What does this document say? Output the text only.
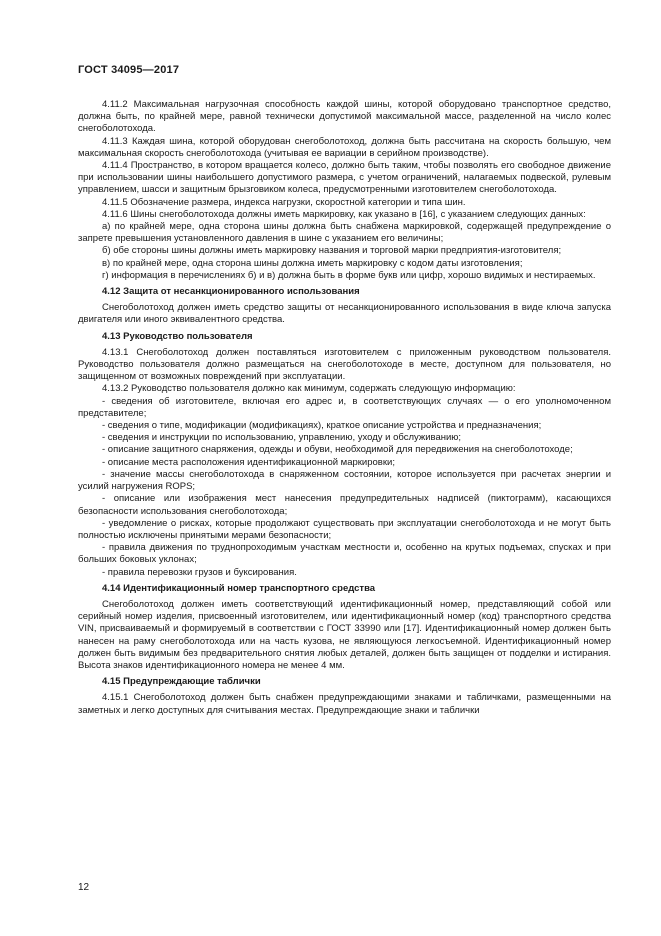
ГОСТ 34095—2017

4.11.2 Максимальная нагрузочная способность каждой шины, которой оборудовано транспортное средство, должна быть, по крайней мере, равной технически допустимой максимальной массе, разделенной на число колес снегоболотохода.

4.11.3 Каждая шина, которой оборудован снегоболотоход, должна быть рассчитана на скорость большую, чем максимальная скорость снегоболотохода (учитывая ее вариации в серийном производстве).

4.11.4 Пространство, в котором вращается колесо, должно быть таким, чтобы позволять его свободное движение при использовании шины наибольшего допустимого размера, с учетом ограничений, налагаемых подвеской, рулевым управлением, шасси и защитным брызговиком колеса, предусмотренными изготовителем снегоболотохода.

4.11.5 Обозначение размера, индекса нагрузки, скоростной категории и типа шин.

4.11.6 Шины снегоболотохода должны иметь маркировку, как указано в [16], с указанием следующих данных:

а) по крайней мере, одна сторона шины должна быть снабжена маркировкой, содержащей предупреждение о запрете превышения установленного давления в шине с указанием его величины;

б) обе стороны шины должны иметь маркировку названия и торговой марки предприятия-изготовителя;

в) по крайней мере, одна сторона шины должна иметь маркировку с кодом даты изготовления;

г) информация в перечислениях б) и в) должна быть в форме букв или цифр, хорошо видимых и нестираемых.

4.12 Защита от несанкционированного использования

Снегоболотоход должен иметь средство защиты от несанкционированного использования в виде ключа запуска двигателя или иного эквивалентного средства.

4.13 Руководство пользователя

4.13.1 Снегоболотоход должен поставляться изготовителем с приложенным руководством пользователя. Руководство пользователя должно размещаться на снегоболотоходе в месте, доступном для пользователя, но защищенном от возможных повреждений при эксплуатации.

4.13.2 Руководство пользователя должно как минимум, содержать следующую информацию:

- сведения об изготовителе, включая его адрес и, в соответствующих случаях — о его уполномоченном представителе;

- сведения о типе, модификации (модификациях), краткое описание устройства и предназначения;

- сведения и инструкции по использованию, управлению, уходу и обслуживанию;

- описание защитного снаряжения, одежды и обуви, необходимой для передвижения на снегоболотоходе;

- описание места расположения идентификационной маркировки;

- значение массы снегоболотохода в снаряженном состоянии, которое используется при расчетах энергии и усилий нагружения ROPS;

- описание или изображения мест нанесения предупредительных надписей (пиктограмм), касающихся безопасности использования снегоболотохода;

- уведомление о рисках, которые продолжают существовать при эксплуатации снегоболотохода и не могут быть полностью исключены принятыми мерами безопасности;

- правила движения по труднопроходимым участкам местности и, особенно на крутых подъемах, спусках и при больших боковых уклонах;

- правила перевозки грузов и буксирования.

4.14 Идентификационный номер транспортного средства

Снегоболотоход должен иметь соответствующий идентификационный номер, представляющий собой или серийный номер изделия, присвоенный изготовителем, или идентификационный номер (код) транспортного средства VIN, присваиваемый и формируемый в соответствии с ГОСТ 33990 или [17]. Идентификационный номер должен быть нанесен на раму снегоболотохода или на часть кузова, не являющуюся легкосъемной. Идентификационный номер должен быть видимым без предварительного снятия любых деталей, должен быть защищен от подделки и истирания. Высота знаков идентификационного номера не менее 4 мм.

4.15 Предупреждающие таблички

4.15.1 Снегоболотоход должен быть снабжен предупреждающими знаками и табличками, размещенными на заметных и легко доступных для считывания местах. Предупреждающие знаки и таблички

12
